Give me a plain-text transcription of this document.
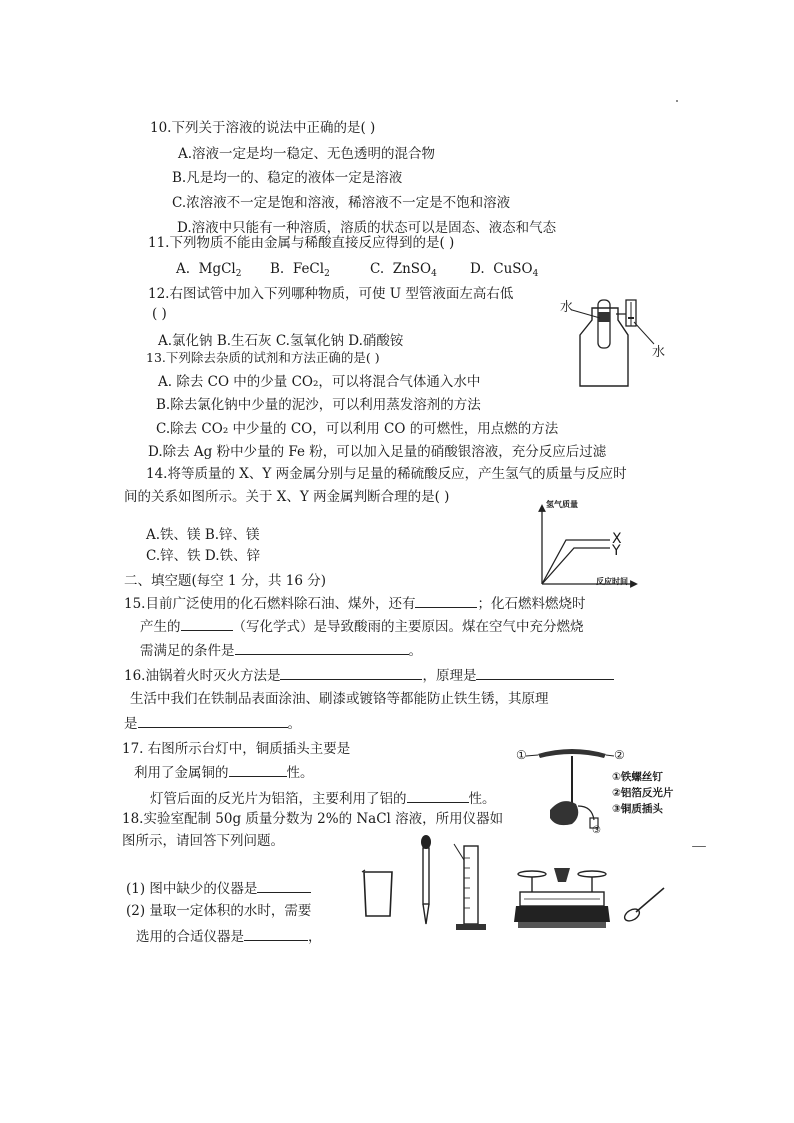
10.下列关于溶液的说法中正确的是( )
A.溶液一定是均一稳定、无色透明的混合物
B.凡是均一的、稳定的液体一定是溶液
C.浓溶液不一定是饱和溶液，稀溶液不一定是不饱和溶液
D.溶液中只能有一种溶质，溶质的状态可以是固态、液态和气态
11.下列物质不能由金属与稀酸直接反应得到的是( )
A. MgCl$_2$ B. FeCl$_2$	C. ZnSO$_4$ D. CuSO$_4$
12.右图试管中加入下列哪种物质，可使 U 型管液面左高右低
( )
A.氯化钠 B.生石灰 C.氢氧化钠 D.硝酸铵
水
水
13.下列除去杂质的试剂和方法正确的是( )
A. 除去 CO 中的少量 CO₂，可以将混合气体通入水中
B.除去氯化钠中少量的泥沙，可以利用蒸发溶剂的方法
C.除去 CO₂ 中少量的 CO，可以利用 CO 的可燃性，用点燃的方法
D.除去 Ag 粉中少量的 Fe 粉，可以加入足量的硝酸银溶液，充分反应后过滤
14.将等质量的 X、Y 两金属分别与足量的稀硫酸反应，产生氢气的质量与反应时
间的关系如图所示。关于 X、Y 两金属判断合理的是( )
A.铁、镁 B.锌、镁
C.锌、铁 D.铁、锌
氢气质量
反应时间
X
Y
二、填空题(每空 1 分，共 16 分)
15.目前广泛使用的化石燃料除石油、煤外，还有	；化石燃料燃烧时
产生的	（写化学式）是导致酸雨的主要原因。煤在空气中充分燃烧
需满足的条件是	。
16.油锅着火时灭火方法是	，原理是
生活中我们在铁制品表面涂油、刷漆或镀铬等都能防止铁生锈，其原理
是	。
17. 右图所示台灯中，铜质插头主要是
利用了金属铜的	性。
灯管后面的反光片为铝箔，主要利用了铝的	性。
①	②
③
①铁螺丝钉
②铝箔反光片
③铜质插头
18.实验室配制 50g 质量分数为 2%的 NaCl 溶液，所用仪器如
图所示，请回答下列问题。
(1) 图中缺少的仪器是
(2) 量取一定体积的水时，需要
选用的合适仪器是	，
